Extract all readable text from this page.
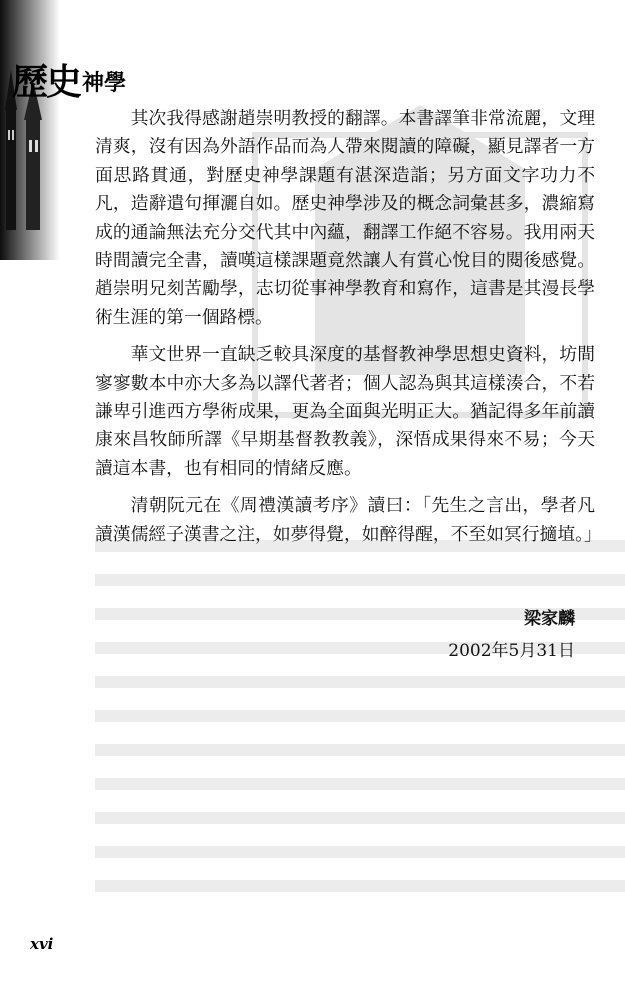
歷史 神學

其次我得感謝趙崇明教授的翻譯。本書譯筆非常流麗，文理清爽，沒有因為外語作品而為人帶來閱讀的障礙，顯見譯者一方面思路貫通，對歷史神學課題有湛深造詣；另方面文字功力不凡，造辭遣句揮灑自如。歷史神學涉及的概念詞彙甚多，濃縮寫成的通論無法充分交代其中內蘊，翻譯工作絕不容易。我用兩天時間讀完全書，讀嘆這樣課題竟然讓人有賞心悅目的閱後感覺。趙崇明兄刻苦勵學，志切從事神學教育和寫作，這書是其漫長學術生涯的第一個路標。

華文世界一直缺乏較具深度的基督教神學思想史資料，坊間寥寥數本中亦大多為以譯代著者；個人認為與其這樣湊合，不若謙卑引進西方學術成果，更為全面與光明正大。猶記得多年前讀康來昌牧師所譯《早期基督教教義》，深悟成果得來不易；今天讀這本書，也有相同的情緒反應。

清朝阮元在《周禮漢讀考序》讀曰：「先生之言出，學者凡讀漢儒經子漢書之注，如夢得覺，如醉得醒，不至如冥行擿埴。」

梁家麟
2002年5月31日
xvi
